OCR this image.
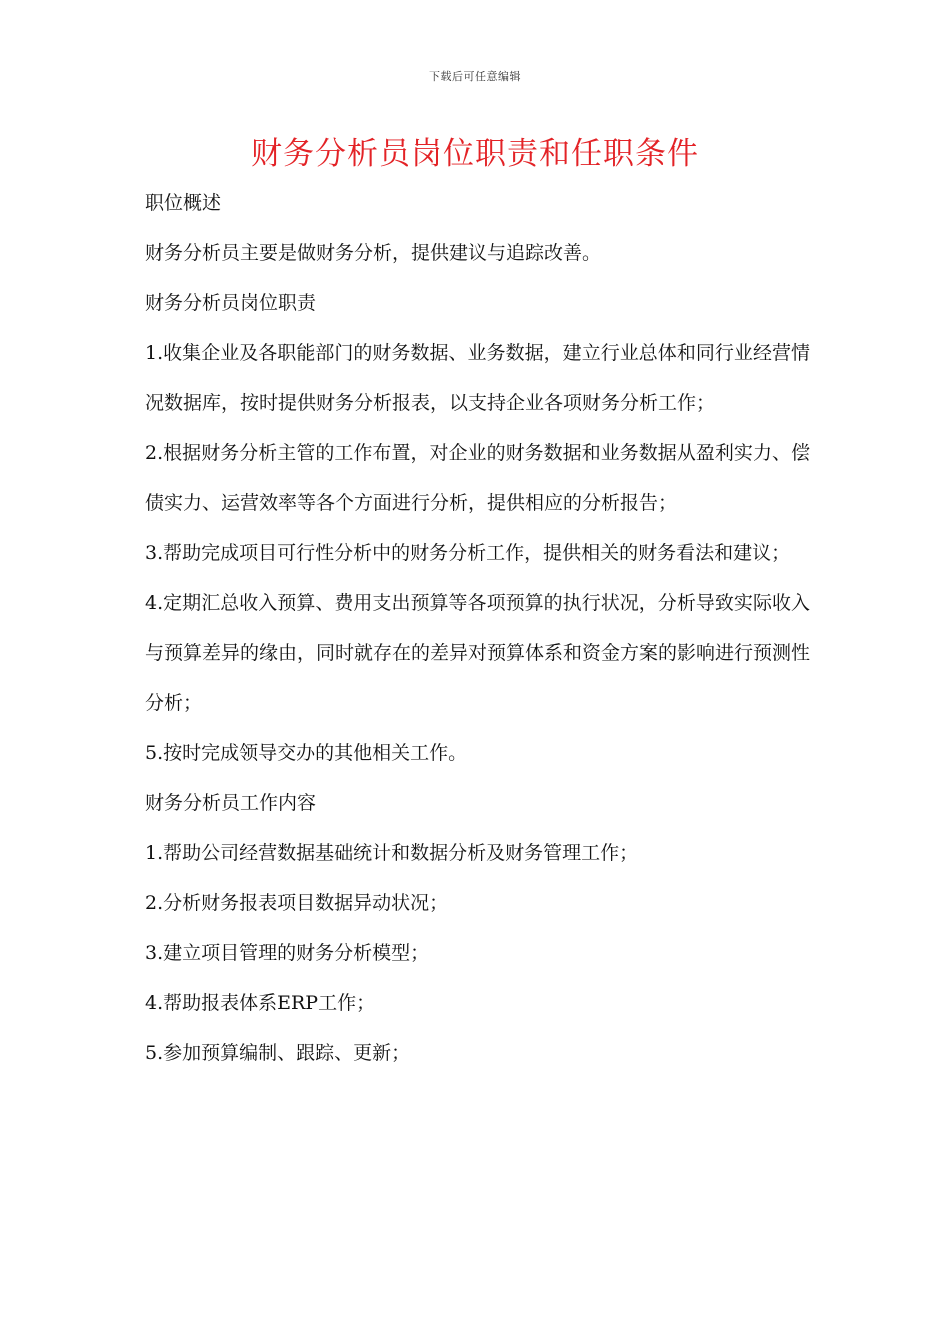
下载后可任意编辑
财务分析员岗位职责和任职条件

职位概述

财务分析员主要是做财务分析，提供建议与追踪改善。

财务分析员岗位职责

1.收集企业及各职能部门的财务数据、业务数据，建立行业总体和同行业经营情况数据库，按时提供财务分析报表，以支持企业各项财务分析工作；

2.根据财务分析主管的工作布置，对企业的财务数据和业务数据从盈利实力、偿债实力、运营效率等各个方面进行分析，提供相应的分析报告；

3.帮助完成项目可行性分析中的财务分析工作，提供相关的财务看法和建议；

4.定期汇总收入预算、费用支出预算等各项预算的执行状况，分析导致实际收入与预算差异的缘由，同时就存在的差异对预算体系和资金方案的影响进行预测性分析；

5.按时完成领导交办的其他相关工作。

财务分析员工作内容

1.帮助公司经营数据基础统计和数据分析及财务管理工作；

2.分析财务报表项目数据异动状况；

3.建立项目管理的财务分析模型；

4.帮助报表体系ERP工作；

5.参加预算编制、跟踪、更新；
